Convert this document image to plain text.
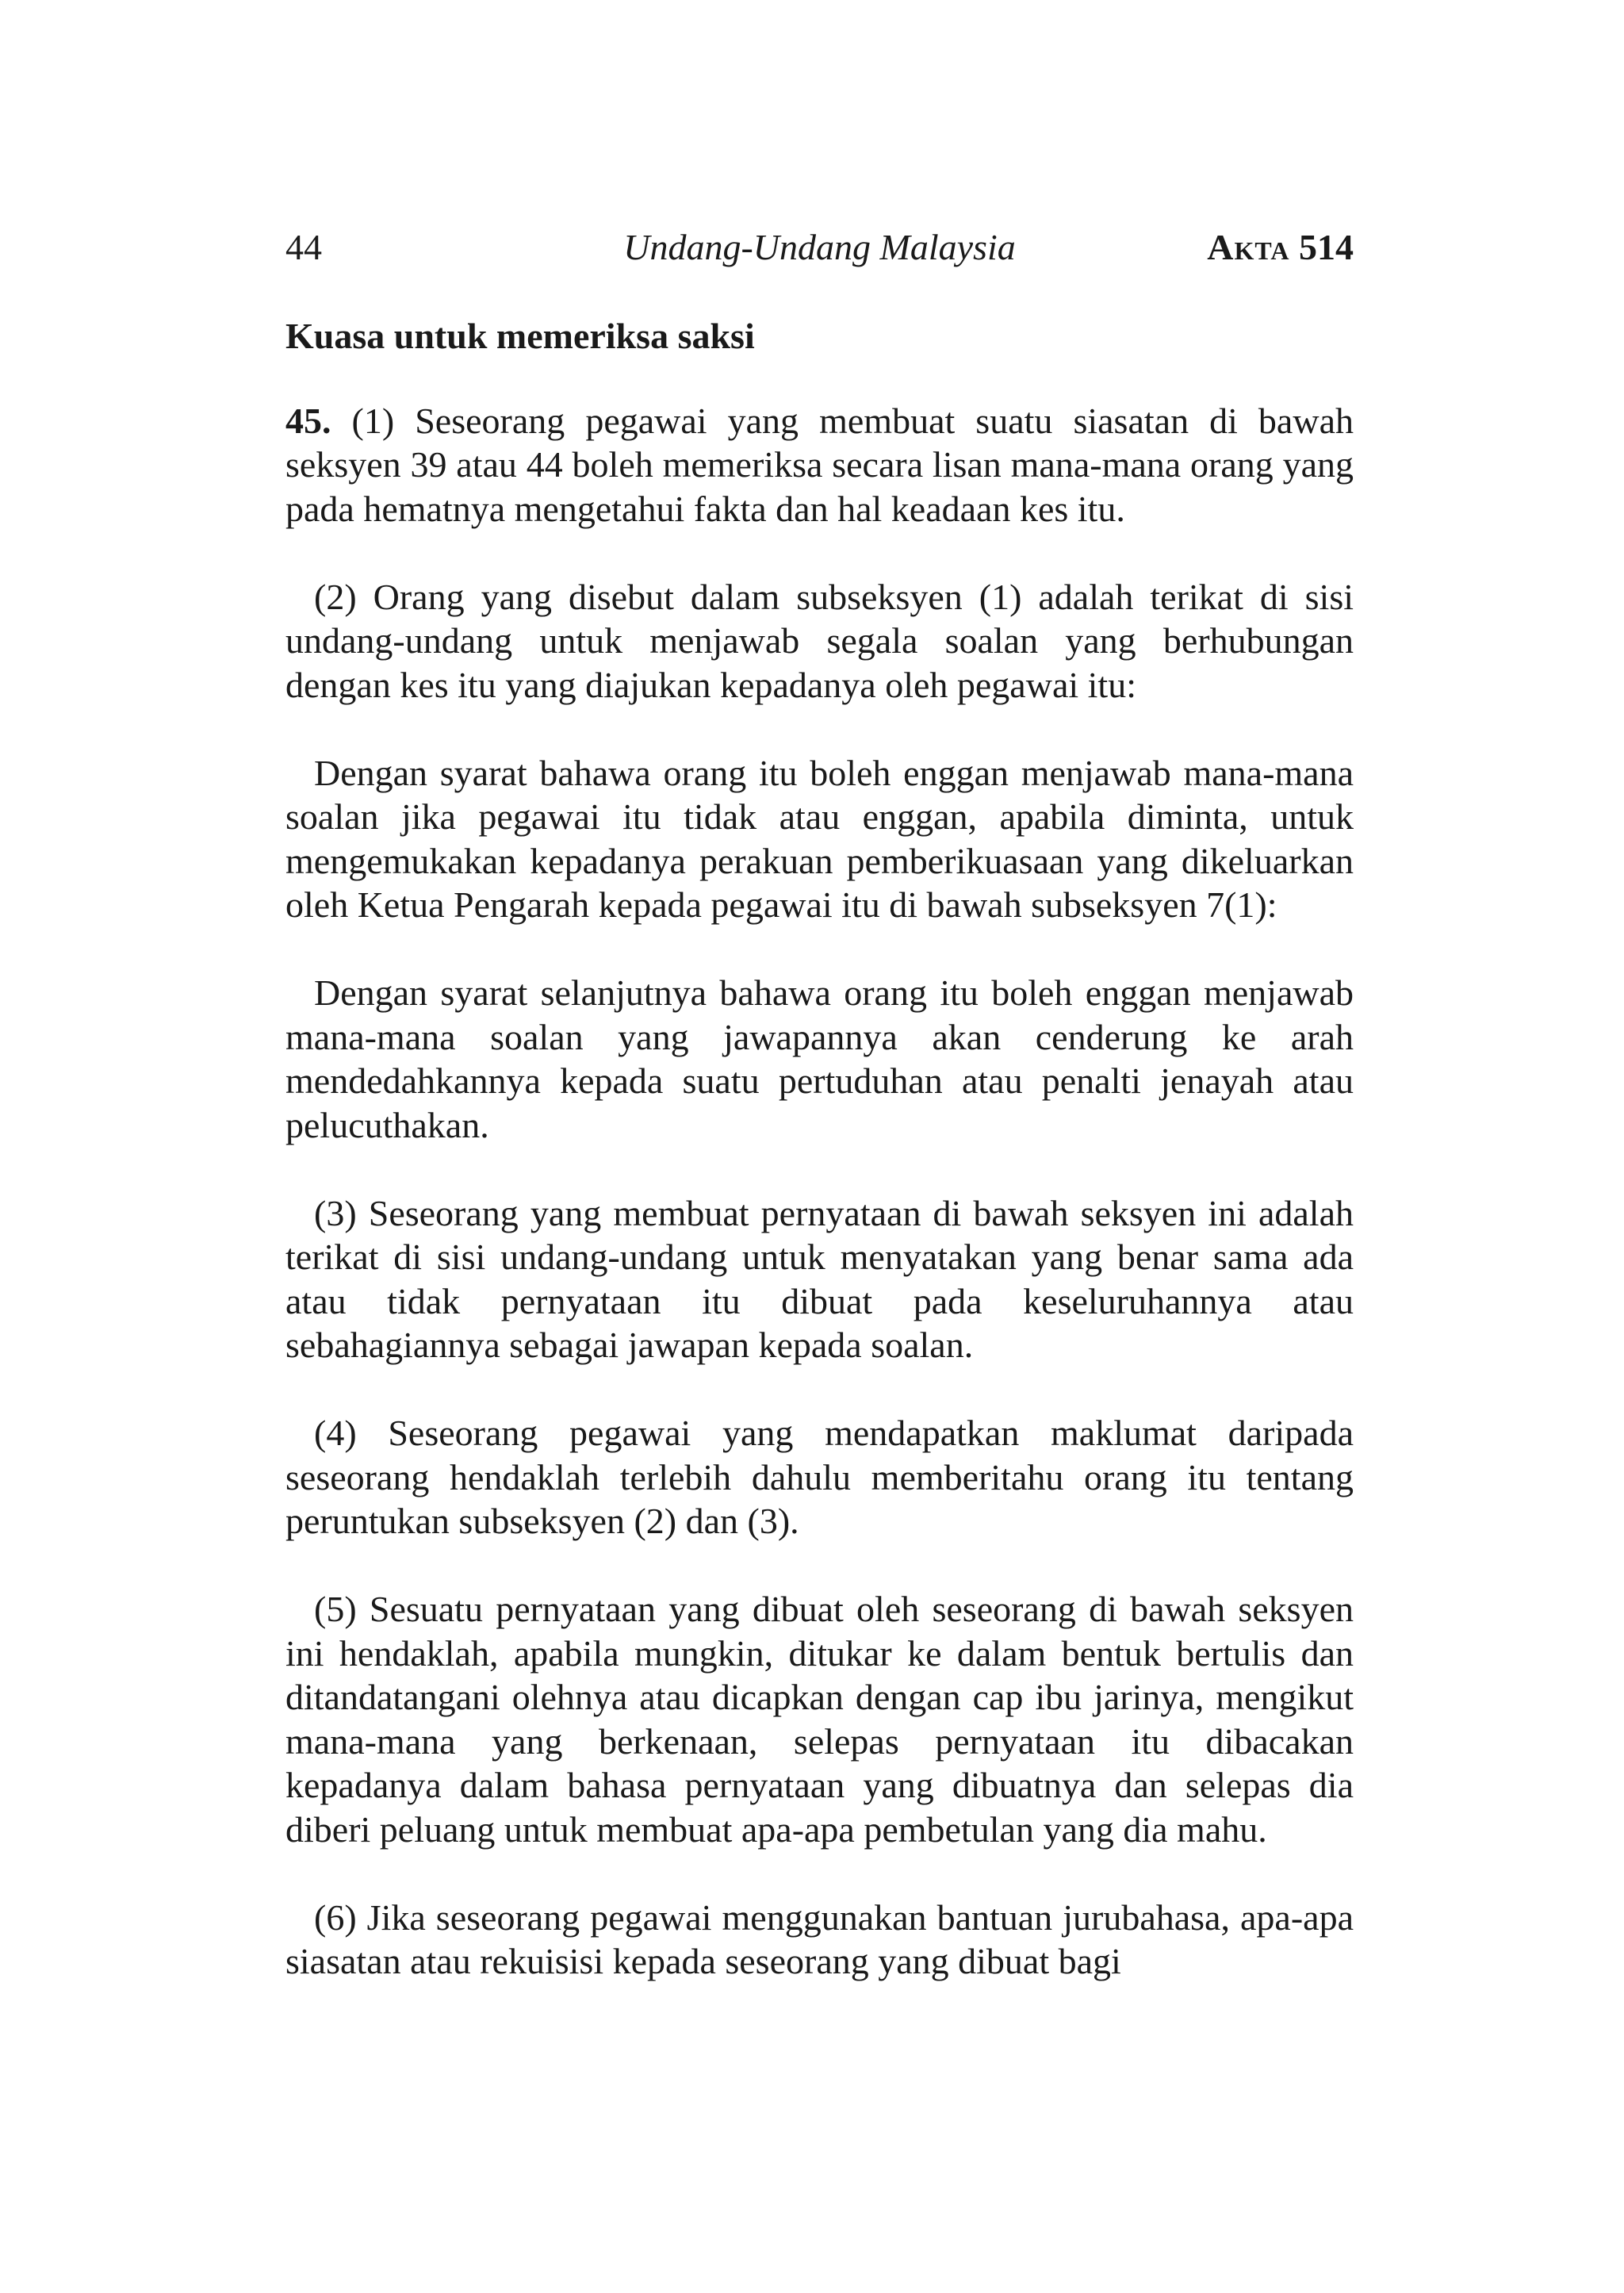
44	Undang-Undang Malaysia	Akta 514
Kuasa untuk memeriksa saksi

45. (1) Seseorang pegawai yang membuat suatu siasatan di bawah seksyen 39 atau 44 boleh memeriksa secara lisan mana-mana orang yang pada hematnya mengetahui fakta dan hal keadaan kes itu.

(2) Orang yang disebut dalam subseksyen (1) adalah terikat di sisi undang-undang untuk menjawab segala soalan yang berhubungan dengan kes itu yang diajukan kepadanya oleh pegawai itu:

Dengan syarat bahawa orang itu boleh enggan menjawab mana-mana soalan jika pegawai itu tidak atau enggan, apabila diminta, untuk mengemukakan kepadanya perakuan pemberikuasaan yang dikeluarkan oleh Ketua Pengarah kepada pegawai itu di bawah subseksyen 7(1):

Dengan syarat selanjutnya bahawa orang itu boleh enggan menjawab mana-mana soalan yang jawapannya akan cenderung ke arah mendedahkannya kepada suatu pertuduhan atau penalti jenayah atau pelucuthakan.

(3) Seseorang yang membuat pernyataan di bawah seksyen ini adalah terikat di sisi undang-undang untuk menyatakan yang benar sama ada atau tidak pernyataan itu dibuat pada keseluruhannya atau sebahagiannya sebagai jawapan kepada soalan.

(4) Seseorang pegawai yang mendapatkan maklumat daripada seseorang hendaklah terlebih dahulu memberitahu orang itu tentang peruntukan subseksyen (2) dan (3).

(5) Sesuatu pernyataan yang dibuat oleh seseorang di bawah seksyen ini hendaklah, apabila mungkin, ditukar ke dalam bentuk bertulis dan ditandatangani olehnya atau dicapkan dengan cap ibu jarinya, mengikut mana-mana yang berkenaan, selepas pernyataan itu dibacakan kepadanya dalam bahasa pernyataan yang dibuatnya dan selepas dia diberi peluang untuk membuat apa-apa pembetulan yang dia mahu.

(6) Jika seseorang pegawai menggunakan bantuan jurubahasa, apa-apa siasatan atau rekuisisi kepada seseorang yang dibuat bagi
